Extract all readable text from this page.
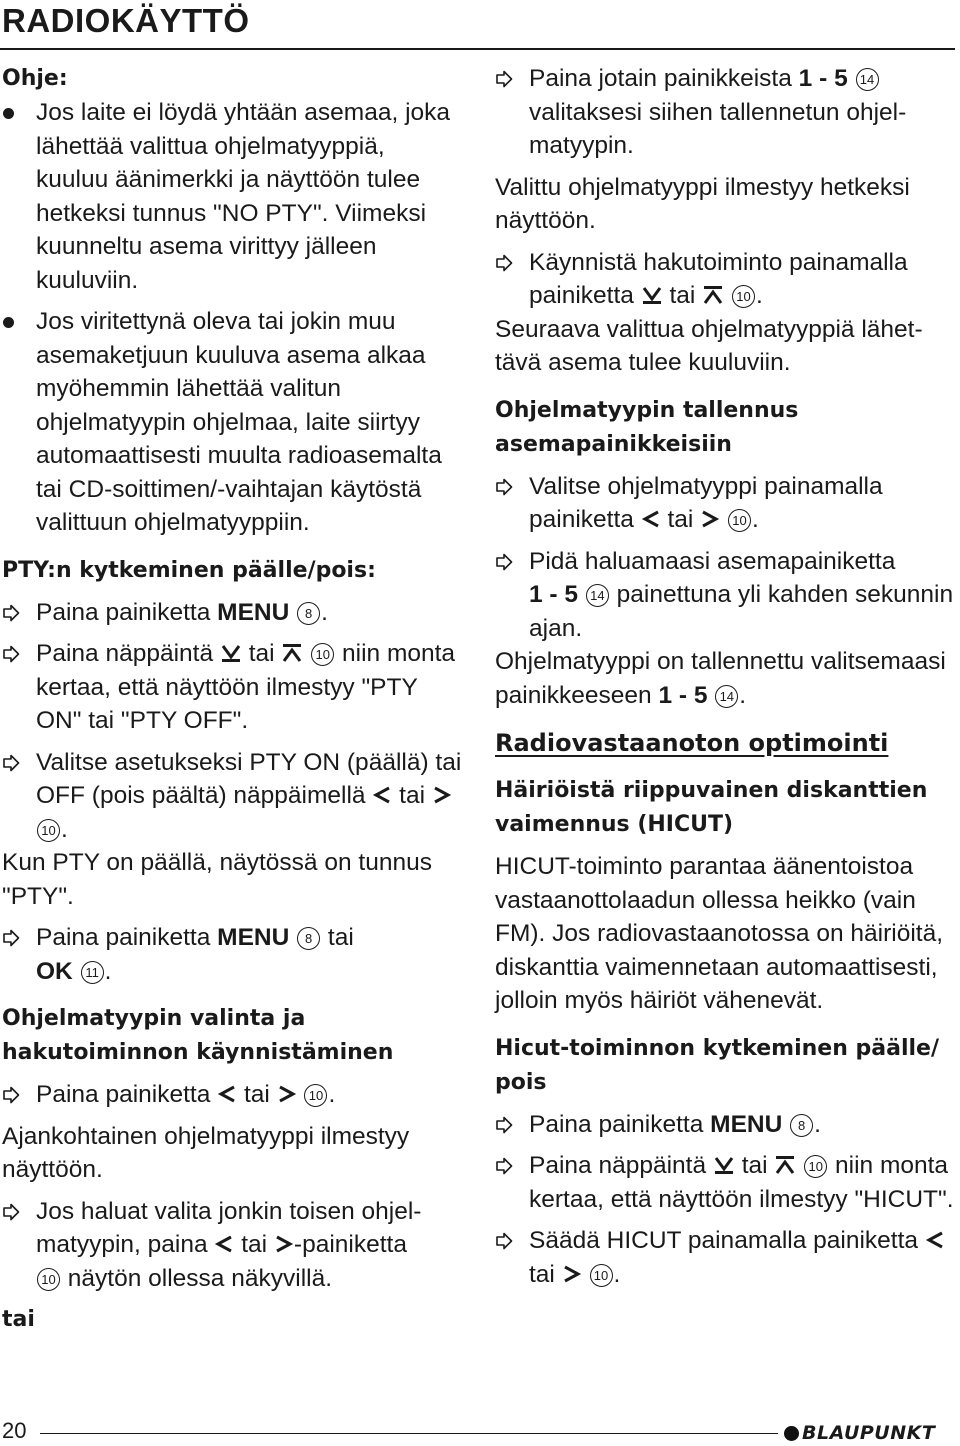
RADIOKÄYTTÖ

Ohje:

Jos laite ei löydä yhtään asemaa, joka lähettää valittua ohjelmatyyppiä, kuuluu äänimerkki ja näyttöön tulee hetkeksi tunnus "NO PTY". Viimeksi kuunneltu asema virittyy jälleen kuuluviin.

Jos viritettynä oleva tai jokin muu asemaketjuun kuuluva asema alkaa myöhemmin lähettää valitun ohjelmatyypin ohjelmaa, laite siirtyy automaattisesti muulta radioasemalta tai CD-soittimen/-vaihtajan käytöstä valittuun ohjelmatyyppiin.

PTY:n kytkeminen päälle/pois:

Paina painiketta MENU 8 .

Paina näppäintä  tai	10 niin monta kertaa, että näyttöön ilmestyy "PTY ON" tai "PTY OFF".

Valitse asetukseksi PTY ON (päällä) tai OFF (pois päältä) näppäimellä  tai  10 .

Kun PTY on päällä, näytössä on tunnus "PTY".

Paina painiketta MENU 8 tai
OK 11 .

Ohjelmatyypin valinta ja
hakutoiminnon käynnistäminen

Paina painiketta  tai  10 .

Ajankohtainen ohjelmatyyppi ilmestyy näyttöön.

Jos haluat valita jonkin toisen ohjelmatyypin, paina  tai -painiketta
10 näytön ollessa näkyvillä.

tai

Paina jotain painikkeista 1 - 5 14 valitaksesi siihen tallennetun ohjelmatyypin.

Valittu ohjelmatyyppi ilmestyy hetkeksi näyttöön.

Käynnistä hakutoiminto painamalla painiketta  tai	10 .

Seuraava valittua ohjelmatyyppiä lähettävä asema tulee kuuluviin.

Ohjelmatyypin tallennus
asemapainikkeisiin

Valitse ohjelmatyyppi painamalla painiketta  tai  10 .

Pidä haluamaasi asemapainiketta
1 - 5 14 painettuna yli kahden sekunnin ajan.

Ohjelmatyyppi on tallennettu valitsemaasi painikkeeseen 1 - 5 14 .

Radiovastaanoton optimointi

Häiriöistä riippuvainen diskanttien
vaimennus (HICUT)

HICUT-toiminto parantaa äänentoistoa vastaanottolaadun ollessa heikko (vain FM). Jos radiovastaanotossa on häiriöitä, diskanttia vaimennetaan automaattisesti, jolloin myös häiriöt vähenevät.

Hicut-toiminnon kytkeminen päälle/
pois

Paina painiketta MENU 8 .

Paina näppäintä  tai	10 niin monta kertaa, että näyttöön ilmestyy "HICUT".

Säädä HICUT painamalla painiketta  tai  10 .

20	BLAUPUNKT
